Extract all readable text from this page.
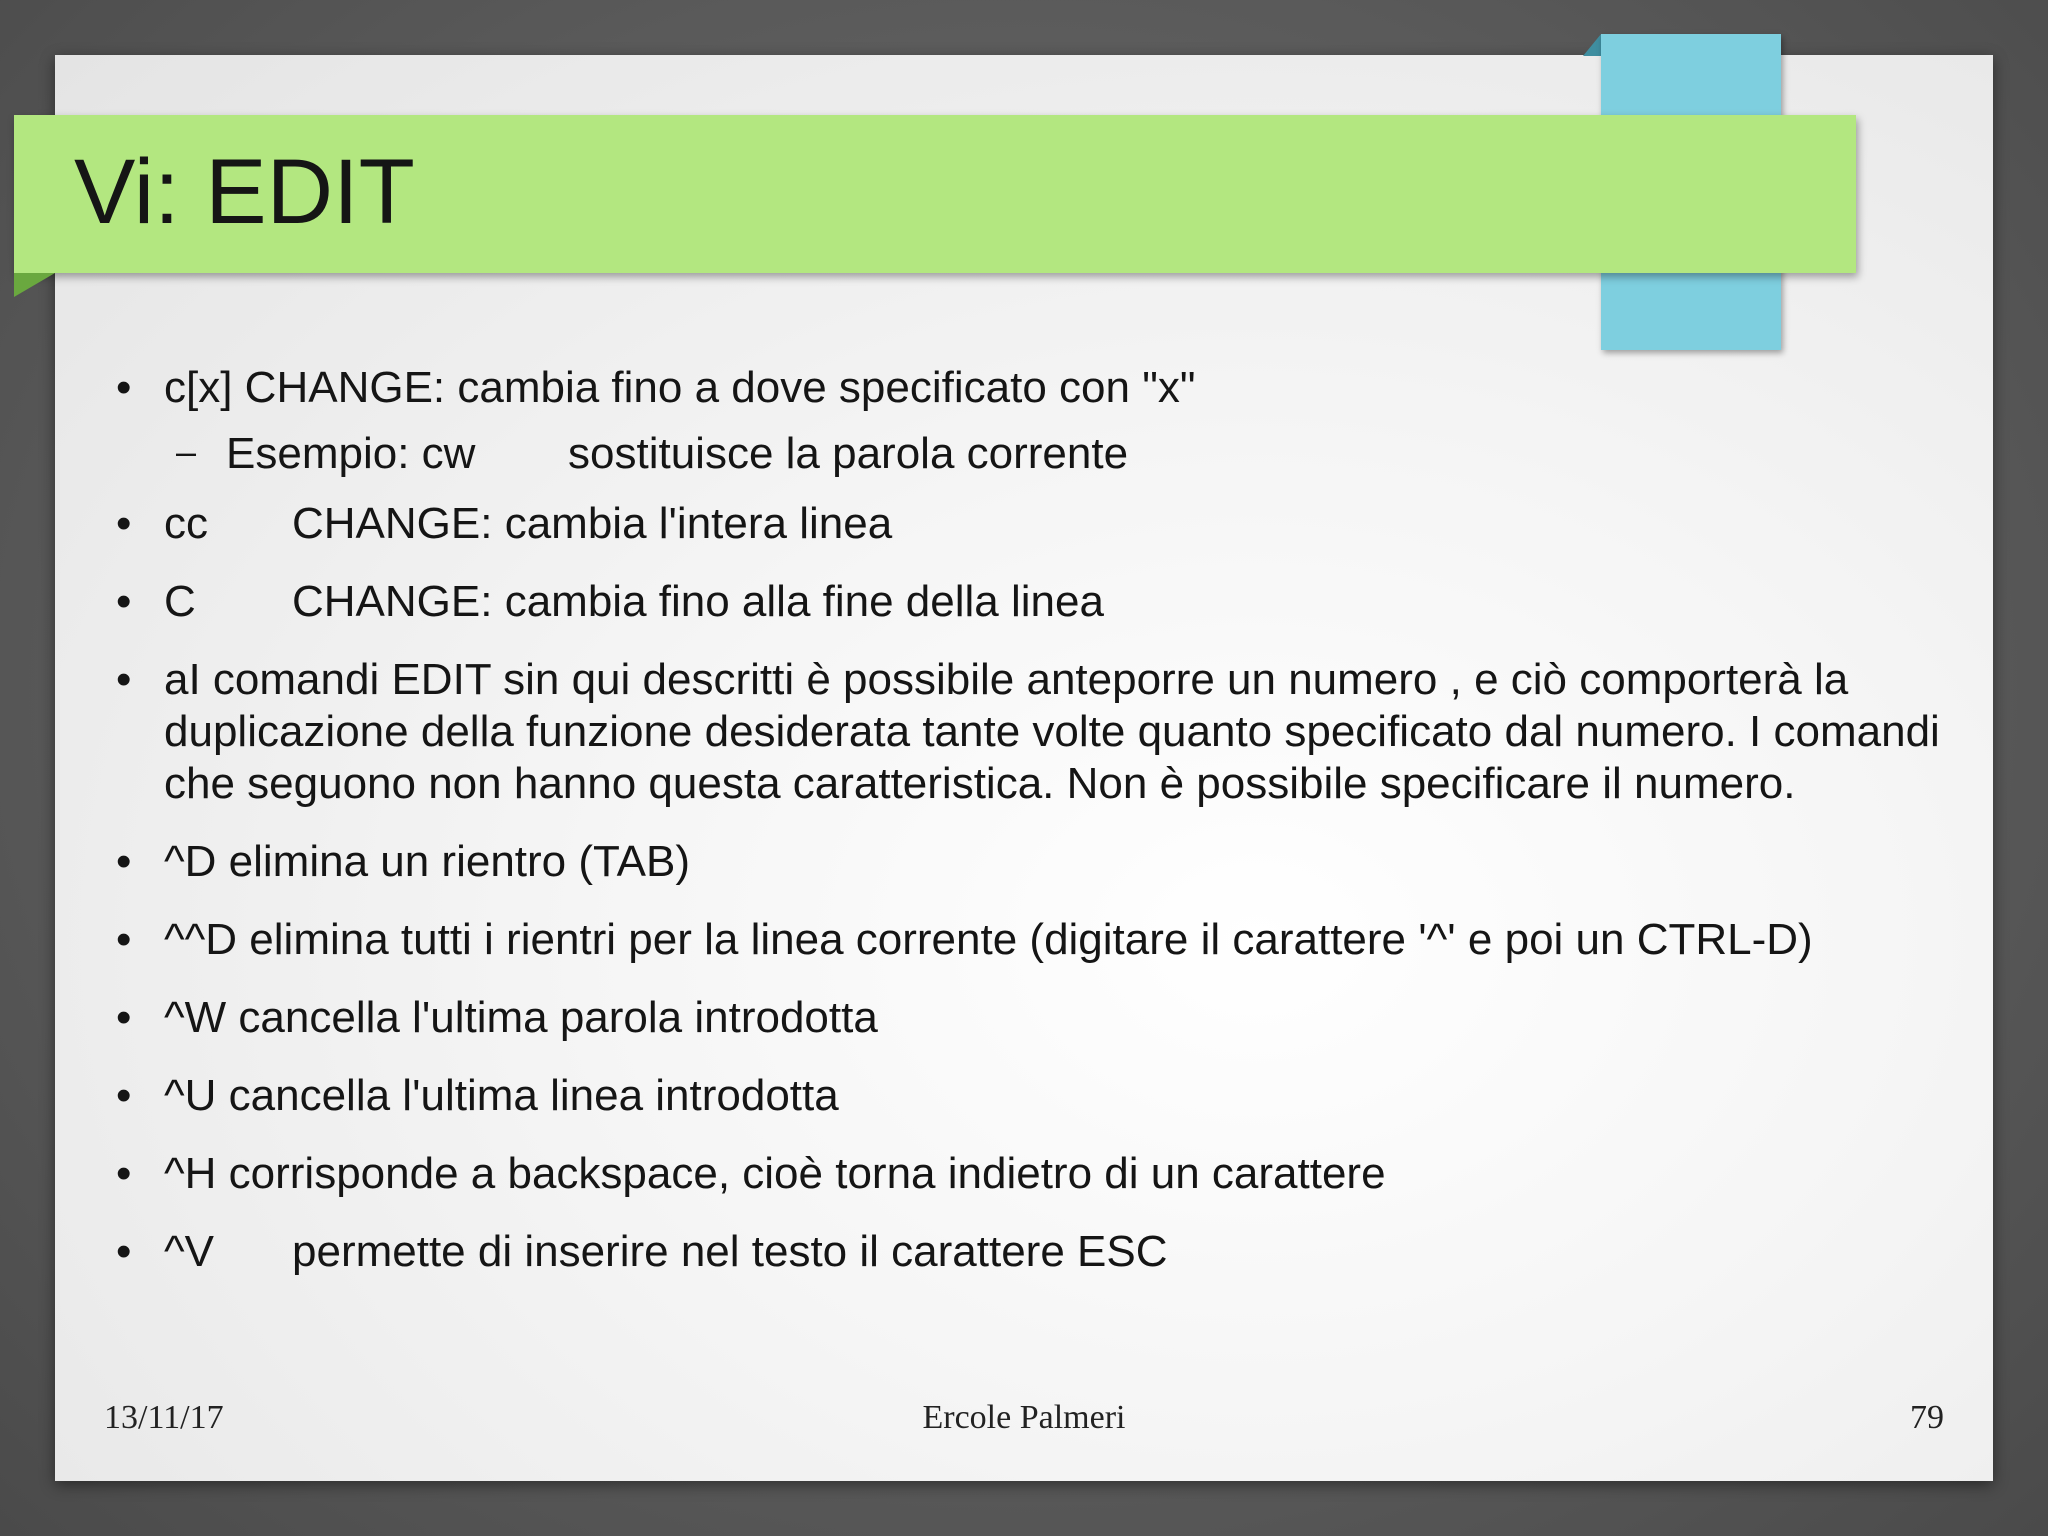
Vi: EDIT
• c[x] CHANGE: cambia fino a dove specificato con "x"
– Esempio: cw sostituisce la parola corrente
• cc CHANGE: cambia l'intera linea
• C CHANGE: cambia fino alla fine della linea
• aI comandi EDIT sin qui descritti è possibile anteporre un numero , e ciò comporterà la duplicazione della funzione desiderata tante volte quanto specificato dal numero. I comandi che seguono non hanno questa caratteristica. Non è possibile specificare il numero.
• ^D elimina un rientro (TAB)
• ^^D elimina tutti i rientri per la linea corrente (digitare il carattere '^' e poi un CTRL-D)
• ^W cancella l'ultima parola introdotta
• ^U cancella l'ultima linea introdotta
• ^H corrisponde a backspace, cioè torna indietro di un carattere
• ^V permette di inserire nel testo il carattere ESC
13/11/17	Ercole Palmeri	79
